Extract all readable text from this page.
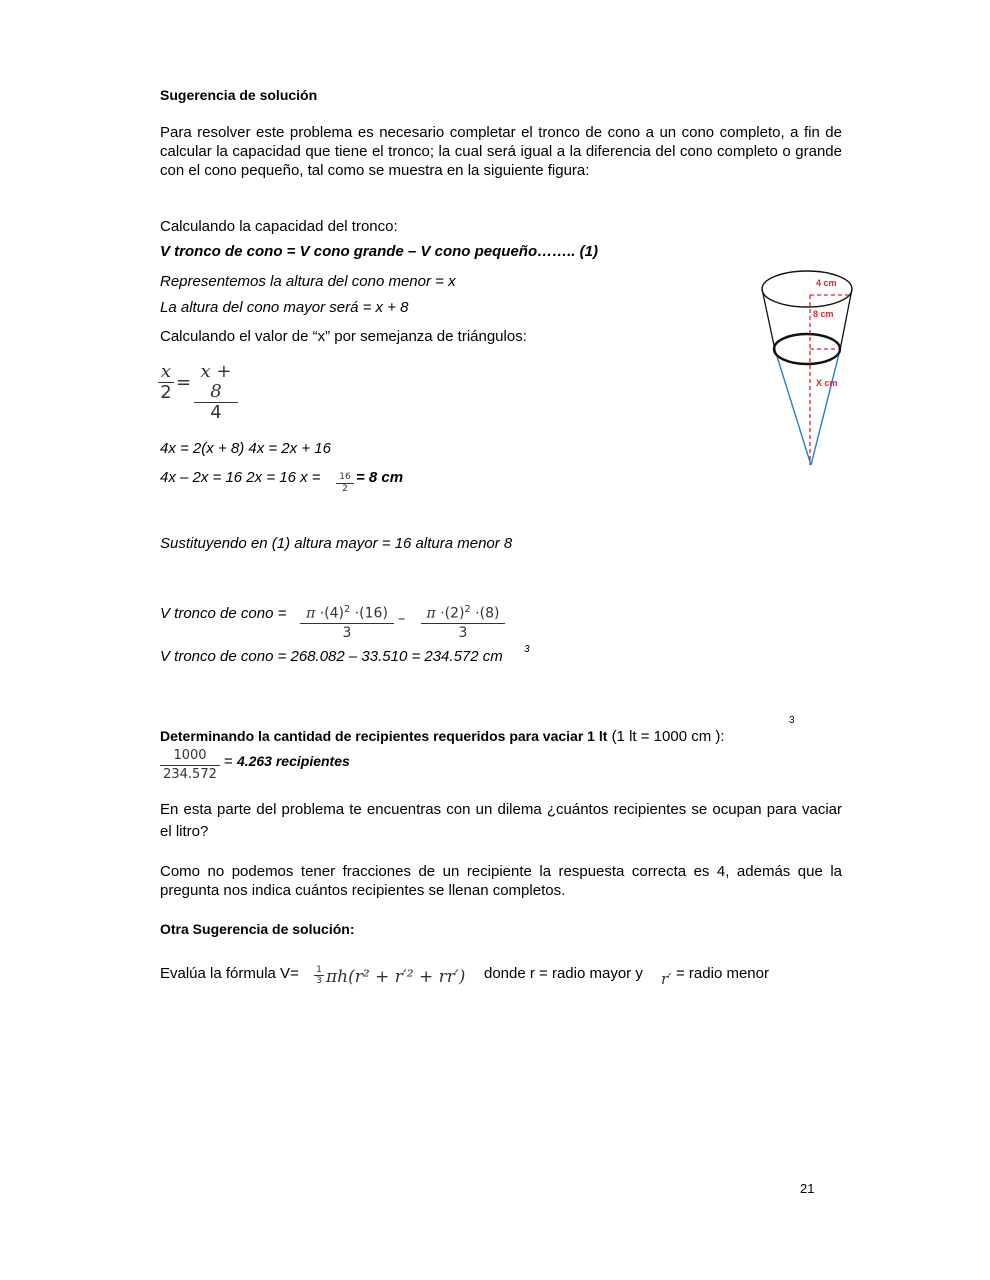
Sugerencia de solución
Para resolver este problema es necesario completar el tronco de cono a un cono completo, a fin de calcular la capacidad que tiene el tronco; la cual será igual a la diferencia del cono completo o grande con el cono pequeño, tal como se muestra en la siguiente figura:
Calculando la capacidad del tronco:
V tronco de cono = V cono grande – V cono pequeño…….. (1)
Representemos la altura del cono menor = x
La altura del cono mayor será = x + 8
Calculando el valor de “x” por semejanza de triángulos:
x
2 =
x + 8
4
4x = 2(x + 8) 4x = 2x + 16
4x – 2x = 16 2x = 16 x =	16
2
= 8 cm
Sustituyendo en (1) altura mayor = 16 altura menor 8
V tronco de cono =	$\pi \cdot(4)^2 \cdot(16)$
3
–	$\pi \cdot(2)^2 \cdot(8)$
3
V tronco de cono = 268.082 – 33.510 = 234.572 cm 3
3
Determinando la cantidad de recipientes requeridos para vaciar 1 lt (1 lt = 1000 cm ):
1000
234.572
= 4.263 recipientes
En esta parte del problema te encuentras con un dilema ¿cuántos recipientes se ocupan para vaciar el litro?
Como no podemos tener fracciones de un recipiente la respuesta correcta es 4, además que la pregunta nos indica cuántos recipientes se llenan completos.
Otra Sugerencia de solución:
Evalúa la fórmula V= 1
3 πh(r² + r′² + rr′) donde r = radio mayor y r′ = radio menor
4 cm
8 cm
X cm
21
